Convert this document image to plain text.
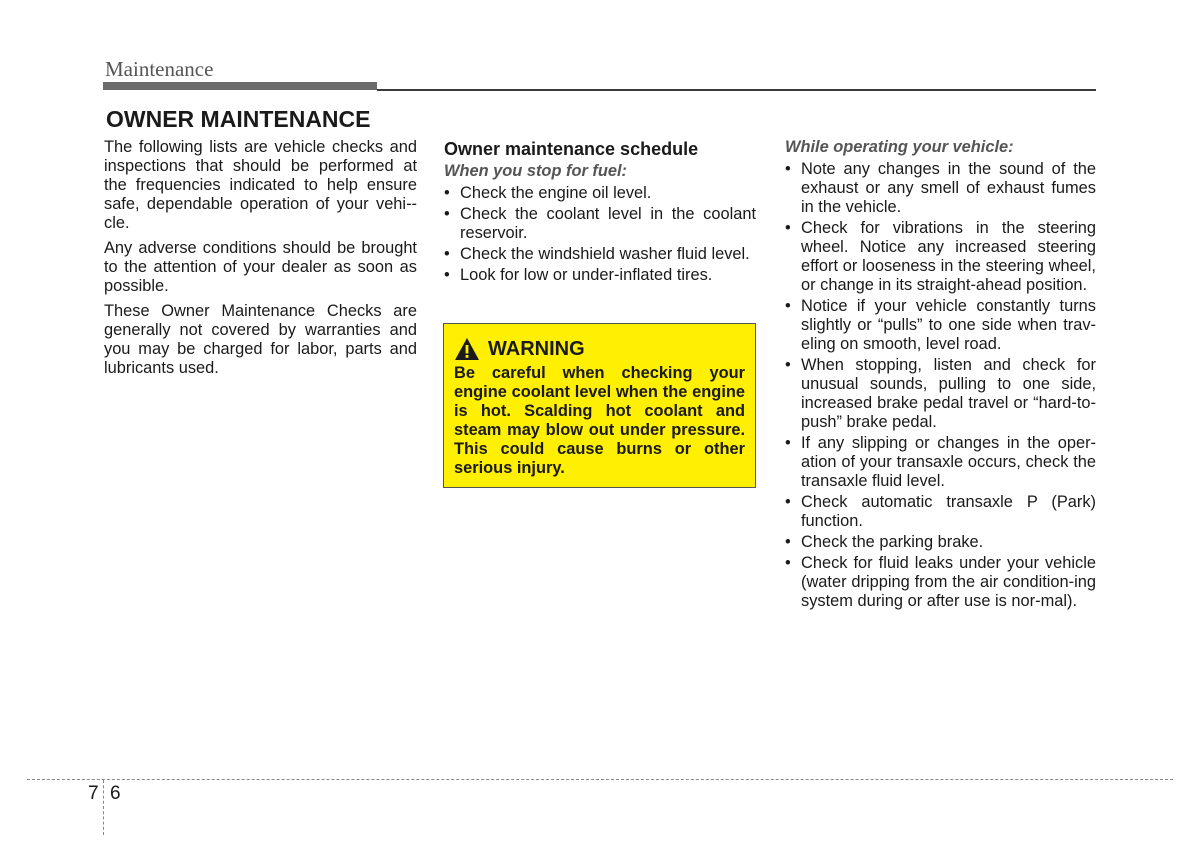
Maintenance
OWNER MAINTENANCE

The following lists are vehicle checks and inspections that should be performed at the frequencies indicated to help ensure safe, dependable operation of your vehi-cle.

Any adverse conditions should be brought to the attention of your dealer as soon as possible.

These Owner Maintenance Checks are generally not covered by warranties and you may be charged for labor, parts and lubricants used.

Owner maintenance schedule
When you stop for fuel:
• Check the engine oil level.
• Check the coolant level in the coolant reservoir.
• Check the windshield washer fluid level.
• Look for low or under-inflated tires.
WARNING

Be careful when checking your engine coolant level when the engine is hot. Scalding hot coolant and steam may blow out under pressure. This could cause burns or other serious injury.

While operating your vehicle:
• Note any changes in the sound of the exhaust or any smell of exhaust fumes in the vehicle.
• Check for vibrations in the steering wheel. Notice any increased steering effort or looseness in the steering wheel, or change in its straight-ahead position.
• Notice if your vehicle constantly turns slightly or “pulls” to one side when trav-eling on smooth, level road.
• When stopping, listen and check for unusual sounds, pulling to one side, increased brake pedal travel or “hard-to-push” brake pedal.
• If any slipping or changes in the oper-ation of your transaxle occurs, check the transaxle fluid level.
• Check automatic transaxle P (Park) function.
• Check the parking brake.
• Check for fluid leaks under your vehicle (water dripping from the air condition-ing system during or after use is nor-mal).
7 6
